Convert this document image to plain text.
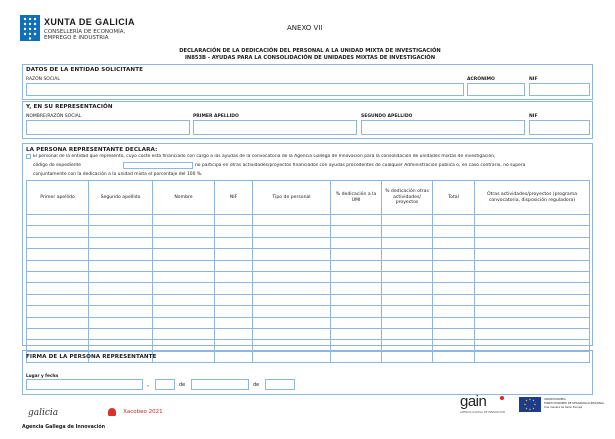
XUNTA DE GALICIA
CONSELLERÍA DE ECONOMÍA,
EMPREGO E INDUSTRIA
ANEXO VII
DECLARACIÓN DE LA DEDICACIÓN DEL PERSONAL A LA UNIDAD MIXTA DE INVESTIGACIÓN
IN853B - AYUDAS PARA LA CONSOLIDACIÓN DE UNIDADES MIXTAS DE INVESTIGACIÓN
DATOS DE LA ENTIDAD SOLICITANTE
RAZÓN SOCIAL	ACRÓNIMO	NIF
Y, EN SU REPRESENTACIÓN
NOMBRE/RAZÓN SOCIAL	PRIMER APELLIDO	SEGUNDO APELLIDO	NIF
LA PERSONA REPRESENTANTE DECLARA:
El personal de la entidad que represento, cuyo coste está financiado con cargo a las ayudas de la convocatoria de la Agencia Gallega de Innovación para la consolidación de unidades mixtas de investigación,
código de expediente	no participa en otras actividades/proyectos financiados con ayudas procedentes de cualquier Administración pública o, en caso contrario, no supera
conjuntamente con la dedicación a la unidad mixta el porcentaje del 100 %.
Primer apellido	Segundo apellido	Nombre	NIF	Tipo de personal	% dedicación a la UMI	% dedicación otras actividades/ proyectos	Total	Otras actividades/proyectos (programa convocatoria, disposición reguladora)

FIRMA DE LA PERSONA REPRESENTANTE
Lugar y fecha
,	de	de
galicia	Xacobeo 2021
gain
AXENCIA GALEGA DE INNOVACIÓN
UNIÓN EUROPEA
FONDO EUROPEO DE DESARROLLO REGIONAL
Una manera de hacer Europa
Agencia Gallega de Innovación
